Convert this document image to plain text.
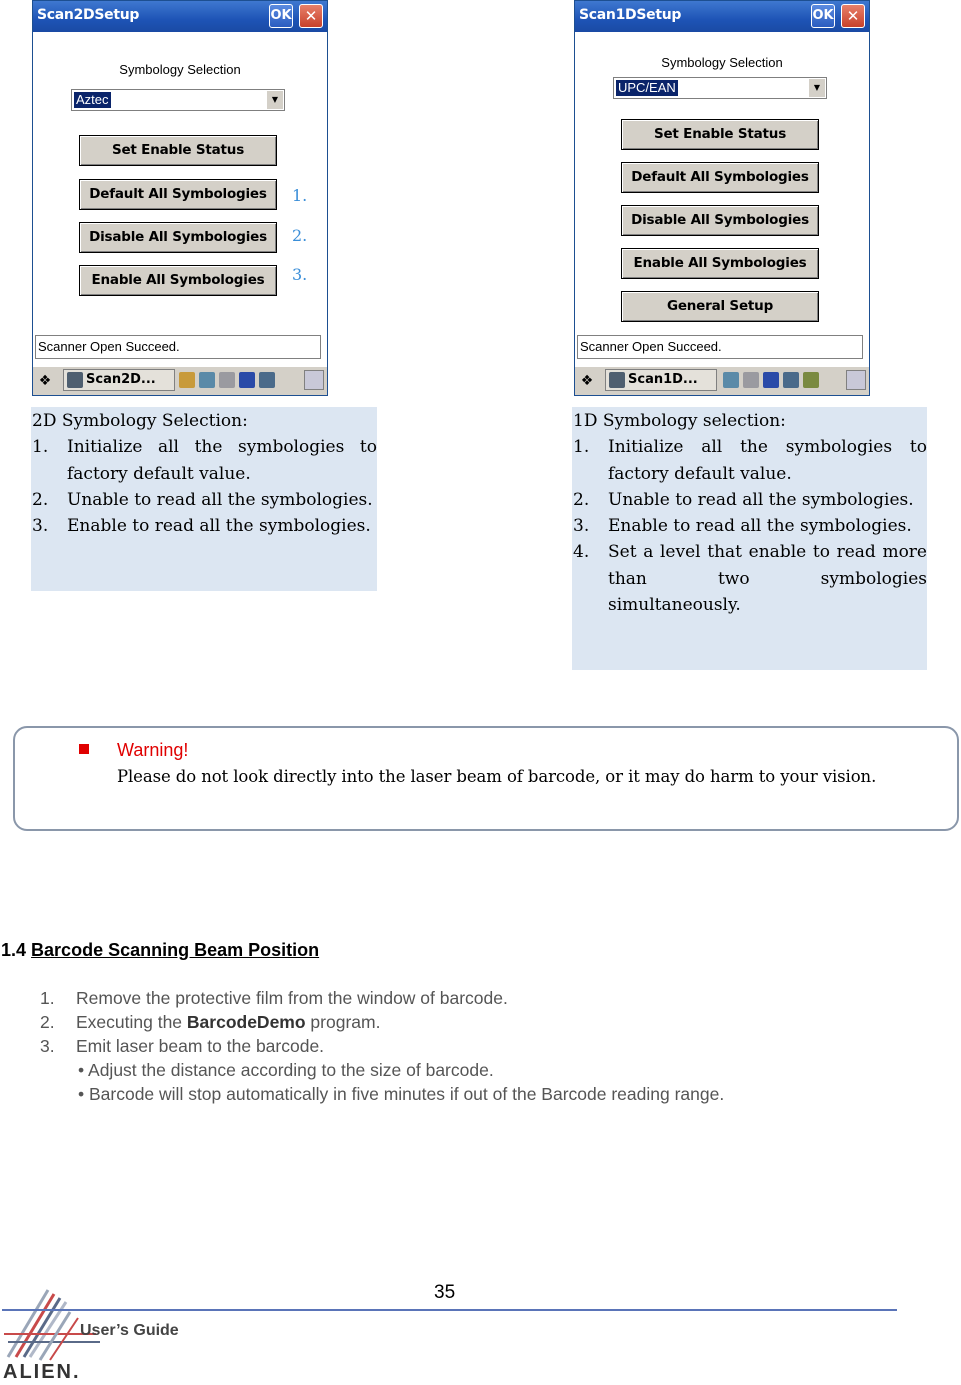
Scan2DSetup	OK ✕
Symbology Selection
Aztec	▼
Set Enable Status
Default All Symbologies
Disable All Symbologies
Enable All Symbologies
Scanner Open Succeed.
❖	Scan2D...
1.
2.
3.
Scan1DSetup	OK ✕
Symbology Selection
UPC/EAN	▼
Set Enable Status
Default All Symbologies
Disable All Symbologies
Enable All Symbologies
General Setup
Scanner Open Succeed.
❖	Scan1D...
2D Symbology Selection:
1. Initialize all the symbologies to factory default value.
2. Unable to read all the symbologies.
3. Enable to read all the symbologies.
1D Symbology selection:
1. Initialize all the symbologies to factory default value.
2. Unable to read all the symbologies.
3. Enable to read all the symbologies.
4. Set a level that enable to read more than two symbologies simultaneously.
Warning!
Please do not look directly into the laser beam of barcode, or it may do harm to your vision.
1.4 Barcode Scanning Beam Position
1. Remove the protective film from the window of barcode.
2. Executing the BarcodeDemo program.
3. Emit laser beam to the barcode.
• Adjust the distance according to the size of barcode.
• Barcode will stop automatically in five minutes if out of the Barcode reading range.
ALIEN.
35
User’s Guide
